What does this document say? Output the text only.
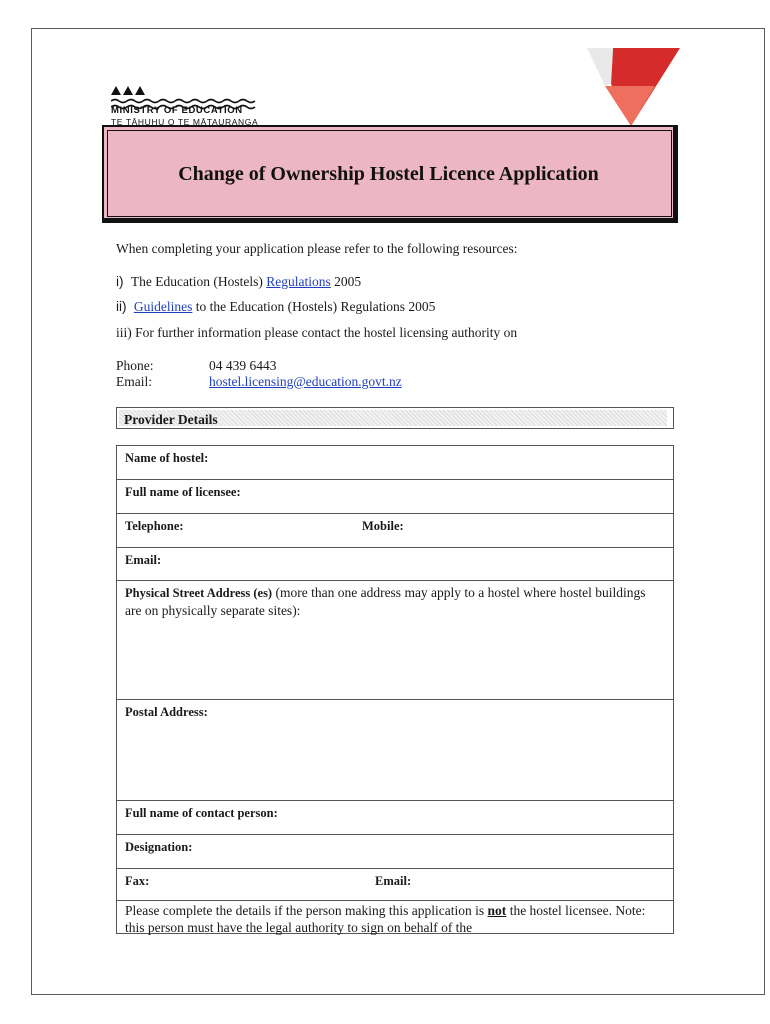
MINISTRY OF EDUCATION
TE TĀHUHU O TE MĀTAURANGA
Change of Ownership Hostel Licence Application
When completing your application please refer to the following resources:
i) The Education (Hostels) Regulations 2005
ii) Guidelines to the Education (Hostels) Regulations 2005
iii) For further information please contact the hostel licensing authority on
Phone:	04 439 6443
Email:	hostel.licensing@education.govt.nz
Provider Details
Name of hostel:
Full name of licensee:
Telephone:	Mobile:
Email:
Physical Street Address (es) (more than one address may apply to a hostel where hostel buildings are on physically separate sites):
Postal Address:
Full name of contact person:
Designation:
Fax:	Email:
Please complete the details if the person making this application is not the hostel licensee. Note: this person must have the legal authority to sign on behalf of the
